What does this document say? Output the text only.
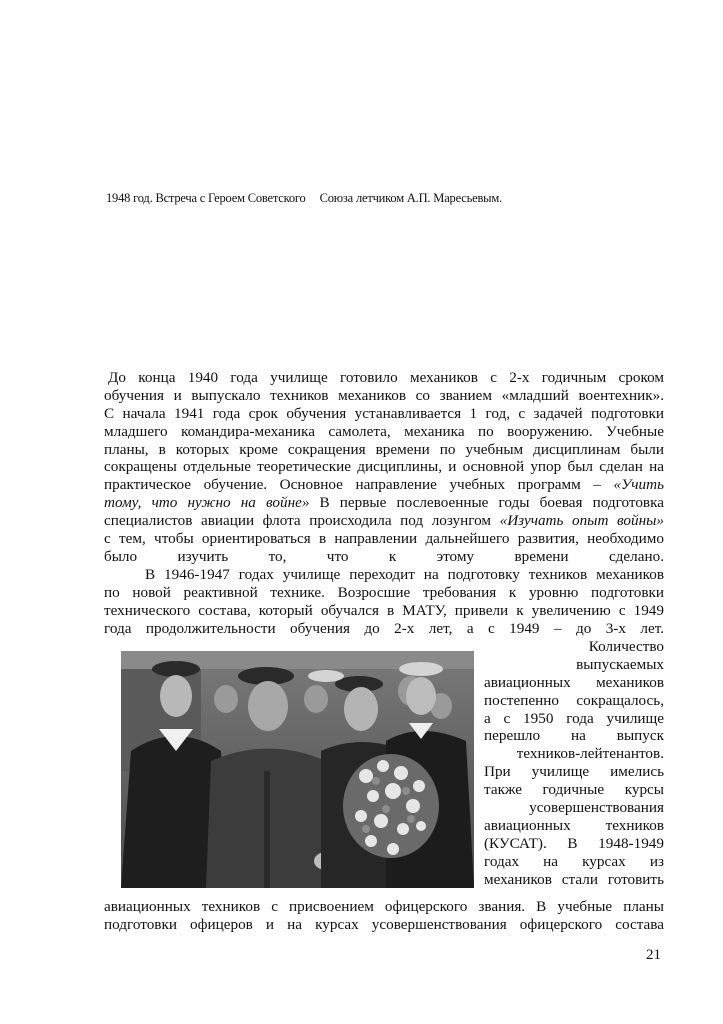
1948 год. Встреча с Героем Советского Союза летчиком А.П. Маресьевым.
До конца 1940 года училище готовило механиков с 2-х годичным сроком
обучения и выпускало техников механиков со званием «младший воентехник».
С начала 1941 года срок обучения устанавливается 1 год, с задачей подготовки
младшего командира-механика самолета, механика по вооружению. Учебные
планы, в которых кроме сокращения времени по учебным дисциплинам были
сокращены отдельные теоретические дисциплины, и основной упор был сделан на
практическое обучение. Основное направление учебных программ – «Учить
тому, что нужно на войне» В первые послевоенные годы боевая подготовка
специалистов авиации флота происходила под лозунгом «Изучать опыт войны»
с тем, чтобы ориентироваться в направлении дальнейшего развития, необходимо
было изучить то, что к этому времени сделано.
В 1946-1947 годах училище переходит на подготовку техников механиков
по новой реактивной технике. Возросшие требования к уровню подготовки
технического состава, который обучался в МАТУ, привели к увеличению с 1949
года продолжительности обучения до 2-х лет, а с 1949 – до 3-х лет.
Количество
выпускаемых
авиационных механиков
постепенно сокращалось,
а с 1950 года училище
перешло на выпуск
техников-лейтенантов.
При училище имелись
также годичные курсы
усовершенствования
авиационных техников
(КУСАТ). В 1948-1949
годах на курсах из
механиков стали готовить
авиационных техников с присвоением офицерского звания. В учебные планы
подготовки офицеров и на курсах усовершенствования офицерского состава
21
